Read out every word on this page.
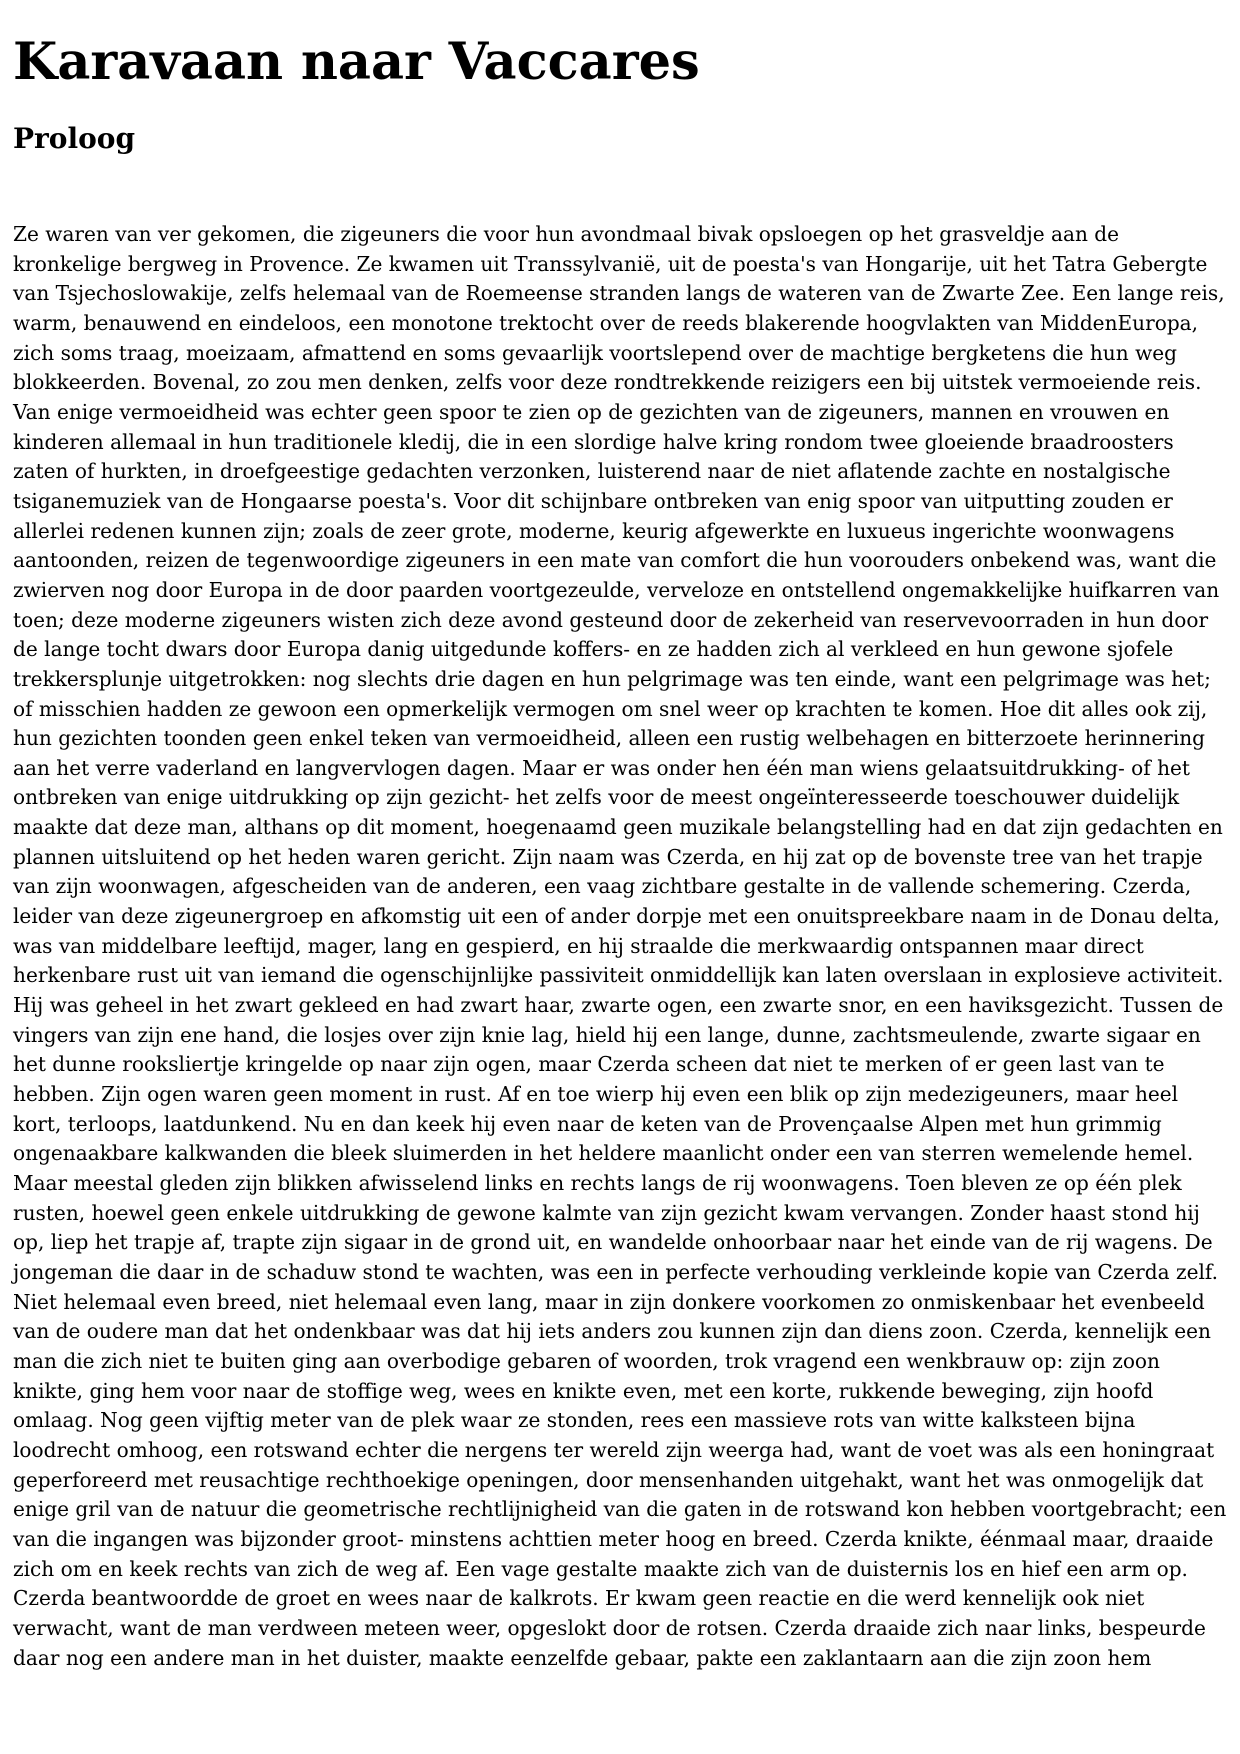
Karavaan naar Vaccares
Proloog

Ze waren van ver gekomen, die zigeuners die voor hun avondmaal bivak opsloegen op het grasveldje aan de kronkelige bergweg in Provence. Ze kwamen uit Transsylvanië, uit de poesta's van Hongarije, uit het Tatra Gebergte van Tsjechoslowakije, zelfs helemaal van de Roemeense stranden langs de wateren van de Zwarte Zee. Een lange reis, warm, benauwend en eindeloos, een monotone trektocht over de reeds blakerende hoogvlakten van MiddenEuropa, zich soms traag, moeizaam, afmattend en soms gevaarlijk voortslepend over de machtige bergketens die hun weg blokkeerden. Bovenal, zo zou men denken, zelfs voor deze rondtrekkende reizigers een bij uitstek vermoeiende reis. Van enige vermoeidheid was echter geen spoor te zien op de gezichten van de zigeuners, mannen en vrouwen en kinderen allemaal in hun traditionele kledij, die in een slordige halve kring rondom twee gloeiende braadroosters zaten of hurkten, in droefgeestige gedachten verzonken, luisterend naar de niet aflatende zachte en nostalgische tsiganemuziek van de Hongaarse poesta's. Voor dit schijnbare ontbreken van enig spoor van uitputting zouden er allerlei redenen kunnen zijn; zoals de zeer grote, moderne, keurig afgewerkte en luxueus ingerichte woonwagens aantoonden, reizen de tegenwoordige zigeuners in een mate van comfort die hun voorouders onbekend was, want die zwierven nog door Europa in de door paarden voortgezeulde, verveloze en ontstellend ongemakkelijke huifkarren van toen; deze moderne zigeuners wisten zich deze avond gesteund door de zekerheid van reservevoorraden in hun door de lange tocht dwars door Europa danig uitgedunde koffers- en ze hadden zich al verkleed en hun gewone sjofele trekkersplunje uitgetrokken: nog slechts drie dagen en hun pelgrimage was ten einde, want een pelgrimage was het; of misschien hadden ze gewoon een opmerkelijk vermogen om snel weer op krachten te komen. Hoe dit alles ook zij, hun gezichten toonden geen enkel teken van vermoeidheid, alleen een rustig welbehagen en bitterzoete herinnering aan het verre vaderland en langvervlogen dagen. Maar er was onder hen één man wiens gelaatsuitdrukking- of het ontbreken van enige uitdrukking op zijn gezicht- het zelfs voor de meest ongeïnteresseerde toeschouwer duidelijk maakte dat deze man, althans op dit moment, hoegenaamd geen muzikale belangstelling had en dat zijn gedachten en plannen uitsluitend op het heden waren gericht. Zijn naam was Czerda, en hij zat op de bovenste tree van het trapje van zijn woonwagen, afgescheiden van de anderen, een vaag zichtbare gestalte in de vallende schemering. Czerda, leider van deze zigeunergroep en afkomstig uit een of ander dorpje met een onuitspreekbare naam in de Donau delta, was van middelbare leeftijd, mager, lang en gespierd, en hij straalde die merkwaardig ontspannen maar direct herkenbare rust uit van iemand die ogenschijnlijke passiviteit onmiddellijk kan laten overslaan in explosieve activiteit. Hij was geheel in het zwart gekleed en had zwart haar, zwarte ogen, een zwarte snor, en een haviksgezicht. Tussen de vingers van zijn ene hand, die losjes over zijn knie lag, hield hij een lange, dunne, zachtsmeulende, zwarte sigaar en het dunne rooksliertje kringelde op naar zijn ogen, maar Czerda scheen dat niet te merken of er geen last van te hebben. Zijn ogen waren geen moment in rust. Af en toe wierp hij even een blik op zijn medezigeuners, maar heel kort, terloops, laatdunkend. Nu en dan keek hij even naar de keten van de Provençaalse Alpen met hun grimmig ongenaakbare kalkwanden die bleek sluimerden in het heldere maanlicht onder een van sterren wemelende hemel. Maar meestal gleden zijn blikken afwisselend links en rechts langs de rij woonwagens. Toen bleven ze op één plek rusten, hoewel geen enkele uitdrukking de gewone kalmte van zijn gezicht kwam vervangen. Zonder haast stond hij op, liep het trapje af, trapte zijn sigaar in de grond uit, en wandelde onhoorbaar naar het einde van de rij wagens. De jongeman die daar in de schaduw stond te wachten, was een in perfecte verhouding verkleinde kopie van Czerda zelf. Niet helemaal even breed, niet helemaal even lang, maar in zijn donkere voorkomen zo onmiskenbaar het evenbeeld van de oudere man dat het ondenkbaar was dat hij iets anders zou kunnen zijn dan diens zoon. Czerda, kennelijk een man die zich niet te buiten ging aan overbodige gebaren of woorden, trok vragend een wenkbrauw op: zijn zoon knikte, ging hem voor naar de stoffige weg, wees en knikte even, met een korte, rukkende beweging, zijn hoofd omlaag. Nog geen vijftig meter van de plek waar ze stonden, rees een massieve rots van witte kalksteen bijna loodrecht omhoog, een rotswand echter die nergens ter wereld zijn weerga had, want de voet was als een honingraat geperforeerd met reusachtige rechthoekige openingen, door mensenhanden uitgehakt, want het was onmogelijk dat enige gril van de natuur die geometrische rechtlijnigheid van die gaten in de rotswand kon hebben voortgebracht; een van die ingangen was bijzonder groot- minstens achttien meter hoog en breed. Czerda knikte, éénmaal maar, draaide zich om en keek rechts van zich de weg af. Een vage gestalte maakte zich van de duisternis los en hief een arm op. Czerda beantwoordde de groet en wees naar de kalkrots. Er kwam geen reactie en die werd kennelijk ook niet verwacht, want de man verdween meteen weer, opgeslokt door de rotsen. Czerda draaide zich naar links, bespeurde daar nog een andere man in het duister, maakte eenzelfde gebaar, pakte een zaklantaarn aan die zijn zoon hem
